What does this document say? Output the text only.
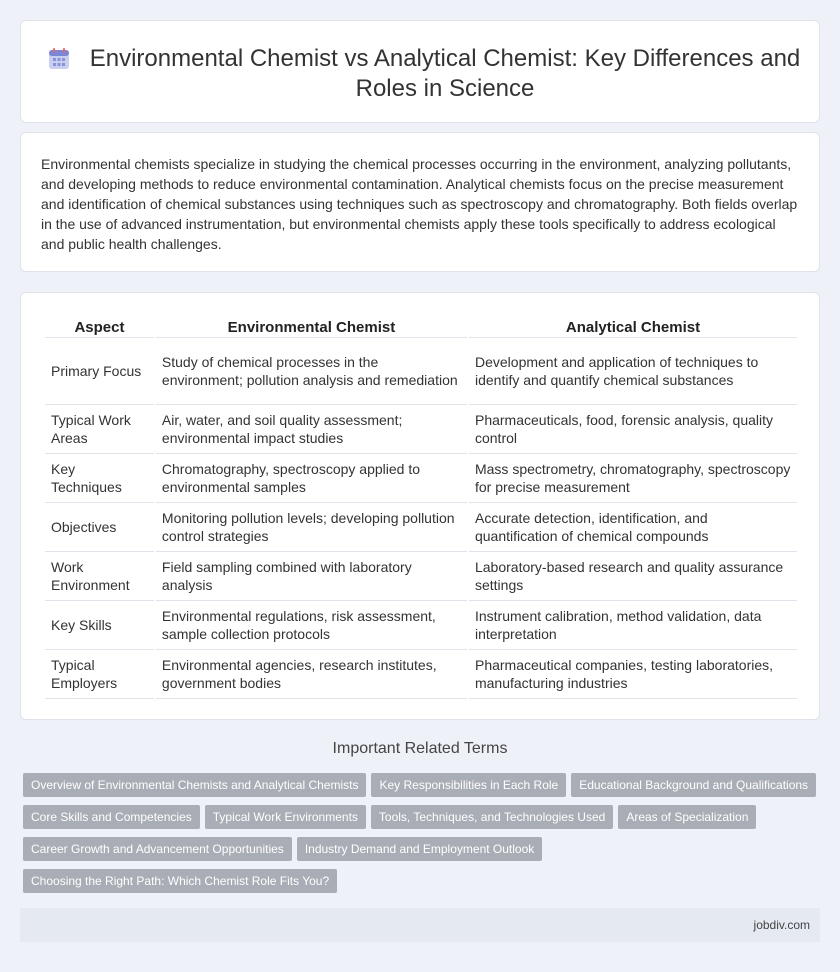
Environmental Chemist vs Analytical Chemist: Key Differences and Roles in Science

Environmental chemists specialize in studying the chemical processes occurring in the environment, analyzing pollutants, and developing methods to reduce environmental contamination. Analytical chemists focus on the precise measurement and identification of chemical substances using techniques such as spectroscopy and chromatography. Both fields overlap in the use of advanced instrumentation, but environmental chemists apply these tools specifically to address ecological and public health challenges.

Aspect	Environmental Chemist	Analytical Chemist
Primary Focus	Study of chemical processes in the environment; pollution analysis and remediation	Development and application of techniques to identify and quantify chemical substances
Typical Work Areas	Air, water, and soil quality assessment; environmental impact studies	Pharmaceuticals, food, forensic analysis, quality control
Key Techniques	Chromatography, spectroscopy applied to environmental samples	Mass spectrometry, chromatography, spectroscopy for precise measurement
Objectives	Monitoring pollution levels; developing pollution control strategies	Accurate detection, identification, and quantification of chemical compounds
Work Environment	Field sampling combined with laboratory analysis	Laboratory-based research and quality assurance settings
Key Skills	Environmental regulations, risk assessment, sample collection protocols	Instrument calibration, method validation, data interpretation
Typical Employers	Environmental agencies, research institutes, government bodies	Pharmaceutical companies, testing laboratories, manufacturing industries
Important Related Terms
Overview of Environmental Chemists and Analytical Chemists Key Responsibilities in Each Role Educational Background and Qualifications
Core Skills and Competencies Typical Work Environments Tools, Techniques, and Technologies Used Areas of Specialization
Career Growth and Advancement Opportunities Industry Demand and Employment Outlook
Choosing the Right Path: Which Chemist Role Fits You?
jobdiv.com
